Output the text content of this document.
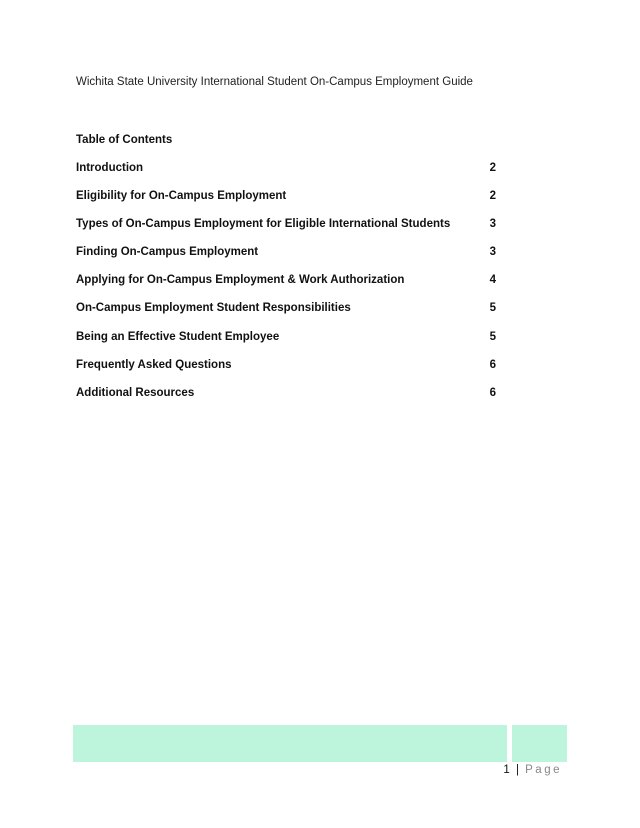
Wichita State University International Student On-Campus Employment Guide
Table of Contents
Introduction	2
Eligibility for On-Campus Employment	2
Types of On-Campus Employment for Eligible International Students	3
Finding On-Campus Employment	3
Applying for On-Campus Employment & Work Authorization	4
On-Campus Employment Student Responsibilities	5
Being an Effective Student Employee	5
Frequently Asked Questions	6
Additional Resources	6
1 | Page
